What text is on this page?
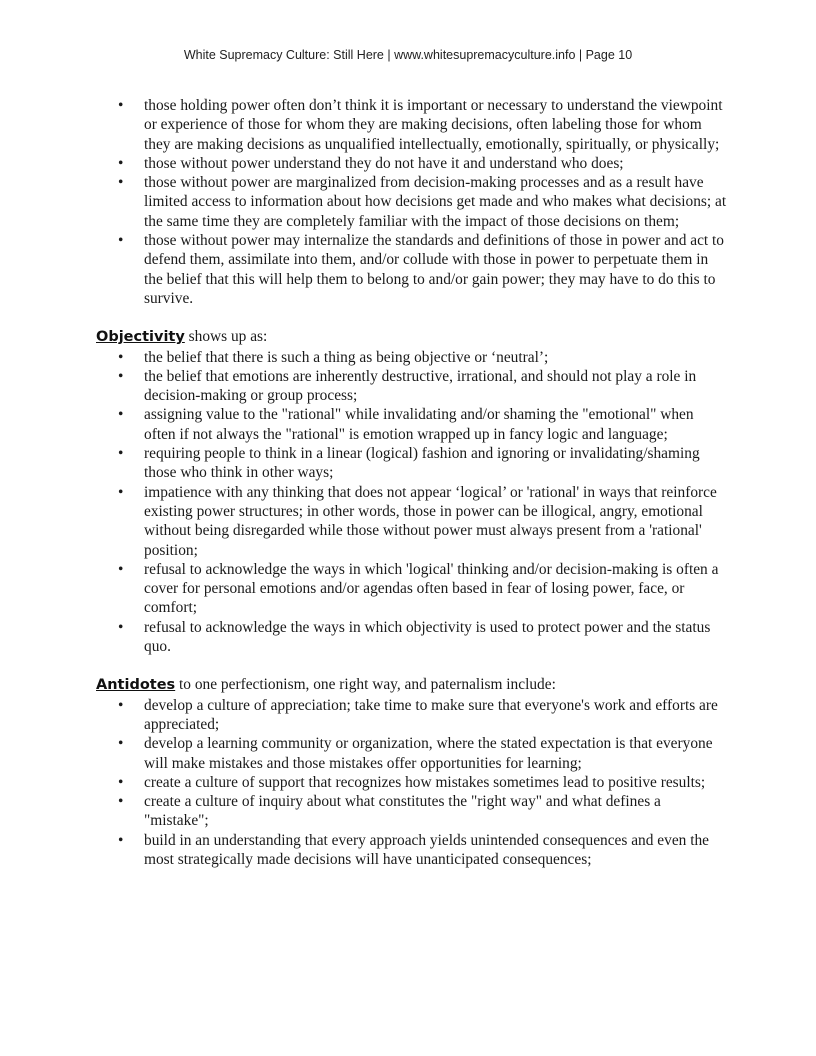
White Supremacy Culture: Still Here | www.whitesupremacyculture.info | Page 10
• those holding power often don’t think it is important or necessary to understand the viewpoint or experience of those for whom they are making decisions, often labeling those for whom they are making decisions as unqualified intellectually, emotionally, spiritually, or physically;
• those without power understand they do not have it and understand who does;
• those without power are marginalized from decision-making processes and as a result have limited access to information about how decisions get made and who makes what decisions; at the same time they are completely familiar with the impact of those decisions on them;
• those without power may internalize the standards and definitions of those in power and act to defend them, assimilate into them, and/or collude with those in power to perpetuate them in the belief that this will help them to belong to and/or gain power; they may have to do this to survive.
Objectivity shows up as:
• the belief that there is such a thing as being objective or ‘neutral’;
• the belief that emotions are inherently destructive, irrational, and should not play a role in decision-making or group process;
• assigning value to the "rational" while invalidating and/or shaming the "emotional" when often if not always the "rational" is emotion wrapped up in fancy logic and language;
• requiring people to think in a linear (logical) fashion and ignoring or invalidating/shaming those who think in other ways;
• impatience with any thinking that does not appear ‘logical’ or 'rational' in ways that reinforce existing power structures; in other words, those in power can be illogical, angry, emotional without being disregarded while those without power must always present from a 'rational' position;
• refusal to acknowledge the ways in which 'logical' thinking and/or decision-making is often a cover for personal emotions and/or agendas often based in fear of losing power, face, or comfort;
• refusal to acknowledge the ways in which objectivity is used to protect power and the status quo.
Antidotes to one perfectionism, one right way, and paternalism include:
• develop a culture of appreciation; take time to make sure that everyone's work and efforts are appreciated;
• develop a learning community or organization, where the stated expectation is that everyone will make mistakes and those mistakes offer opportunities for learning;
• create a culture of support that recognizes how mistakes sometimes lead to positive results;
• create a culture of inquiry about what constitutes the "right way" and what defines a "mistake";
• build in an understanding that every approach yields unintended consequences and even the most strategically made decisions will have unanticipated consequences;
